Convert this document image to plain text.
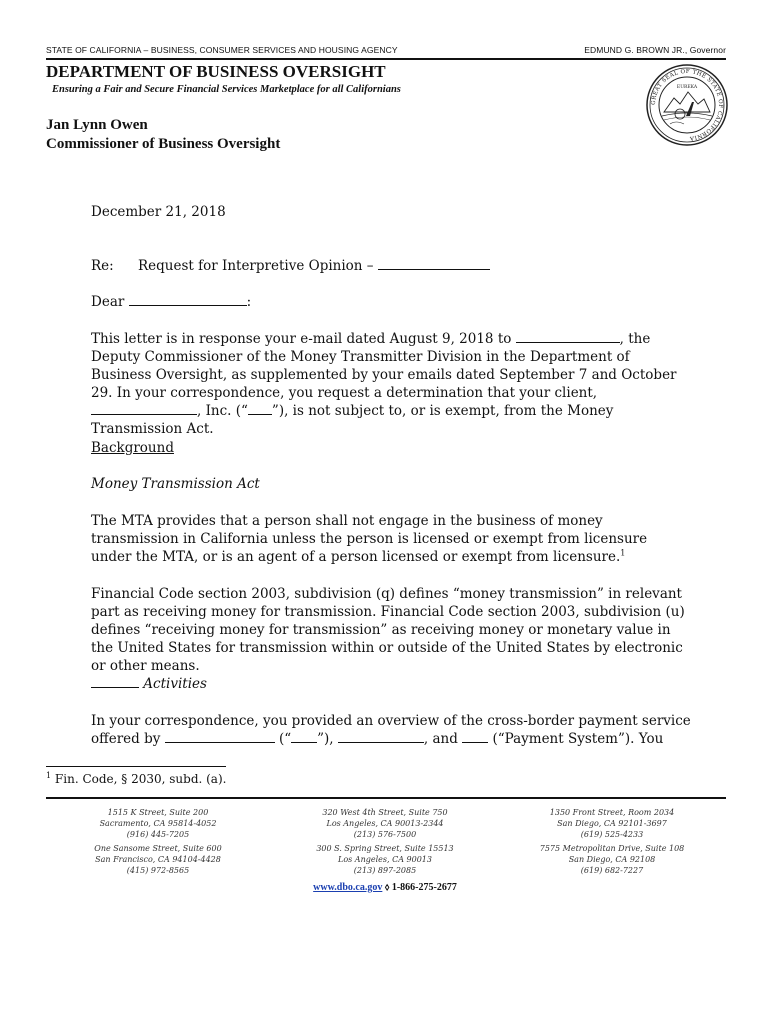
STATE OF CALIFORNIA – BUSINESS, CONSUMER SERVICES AND HOUSING AGENCY	EDMUND G. BROWN JR., Governor
DEPARTMENT OF BUSINESS OVERSIGHT
Ensuring a Fair and Secure Financial Services Marketplace for all Californians
Jan Lynn Owen
Commissioner of Business Oversight
GREAT SEAL OF THE STATE OF CALIFORNIA
EUREKA
December 21, 2018
Re: Request for Interpretive Opinion –
Dear	:
This letter is in response your e-mail dated August 9, 2018 to	, the Deputy Commissioner of the Money Transmitter Division in the Department of Business Oversight, as supplemented by your emails dated September 7 and October 29. In your correspondence, you request a determination that your client, , Inc. (“ ”), is not subject to, or is exempt, from the Money Transmission Act.
Background
Money Transmission Act
The MTA provides that a person shall not engage in the business of money transmission in California unless the person is licensed or exempt from licensure under the MTA, or is an agent of a person licensed or exempt from licensure.$^1$
Financial Code section 2003, subdivision (q) defines “money transmission” in relevant part as receiving money for transmission. Financial Code section 2003, subdivision (u) defines “receiving money for transmission” as receiving money or monetary value in the United States for transmission within or outside of the United States by electronic or other means.
Activities
In your correspondence, you provided an overview of the cross-border payment service offered by	(“ ”),	, and  (“Payment System”). You
$^1$ Fin. Code, § 2030, subd. (a).
1515 K Street, Suite 200
Sacramento, CA 95814-4052
(916) 445-7205
320 West 4th Street, Suite 750
Los Angeles, CA 90013-2344
(213) 576-7500
1350 Front Street, Room 2034
San Diego, CA 92101-3697
(619) 525-4233
One Sansome Street, Suite 600
San Francisco, CA 94104-4428
(415) 972-8565
300 S. Spring Street, Suite 15513
Los Angeles, CA 90013
(213) 897-2085
7575 Metropolitan Drive, Suite 108
San Diego, CA 92108
(619) 682-7227
www.dbo.ca.gov ⬨ 1-866-275-2677
